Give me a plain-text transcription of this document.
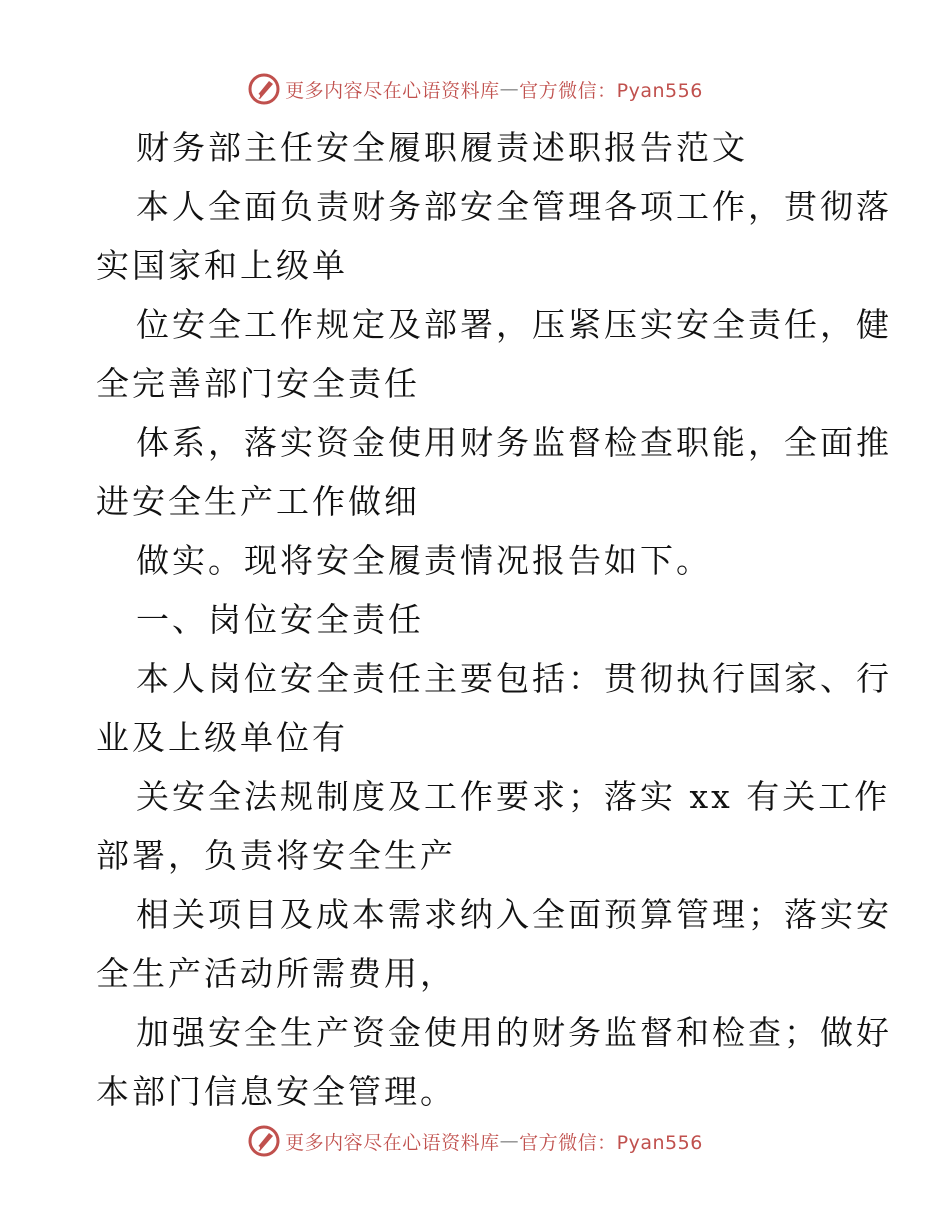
更多内容尽在心语资料库 — 官方微信：Pyan556
财务部主任安全履职履责述职报告范文
本人全面负责财务部安全管理各项工作，贯彻落
实国家和上级单
位安全工作规定及部署，压紧压实安全责任，健
全完善部门安全责任
体系，落实资金使用财务监督检查职能，全面推
进安全生产工作做细
做实。现将安全履责情况报告如下。
一、岗位安全责任
本人岗位安全责任主要包括：贯彻执行国家、行
业及上级单位有
关安全法规制度及工作要求；落实 xx 有关工作
部署，负责将安全生产
相关项目及成本需求纳入全面预算管理；落实安
全生产活动所需费用，
加强安全生产资金使用的财务监督和检查；做好
本部门信息安全管理。
更多内容尽在心语资料库 — 官方微信：Pyan556
